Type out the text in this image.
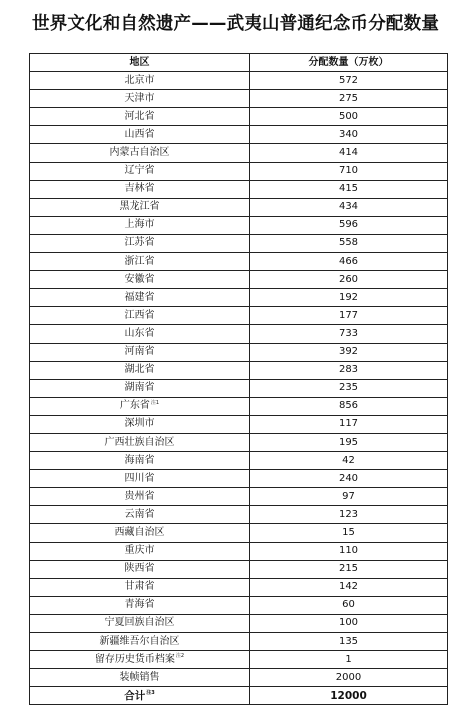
世界文化和自然遗产——武夷山普通纪念币分配数量
地区	分配数量（万枚）
北京市	572
天津市	275
河北省	500
山西省	340
内蒙古自治区	414
辽宁省	710
吉林省	415
黑龙江省	434
上海市	596
江苏省	558
浙江省	466
安徽省	260
福建省	192
江西省	177
山东省	733
河南省	392
湖北省	283
湖南省	235
广东省$^{注1}$	856
深圳市	117
广西壮族自治区	195
海南省	42
四川省	240
贵州省	97
云南省	123
西藏自治区	15
重庆市	110
陕西省	215
甘肃省	142
青海省	60
宁夏回族自治区	100
新疆维吾尔自治区	135
留存历史货币档案$^{注2}$	1
装帧销售	2000
合计$^{注3}$	12000
